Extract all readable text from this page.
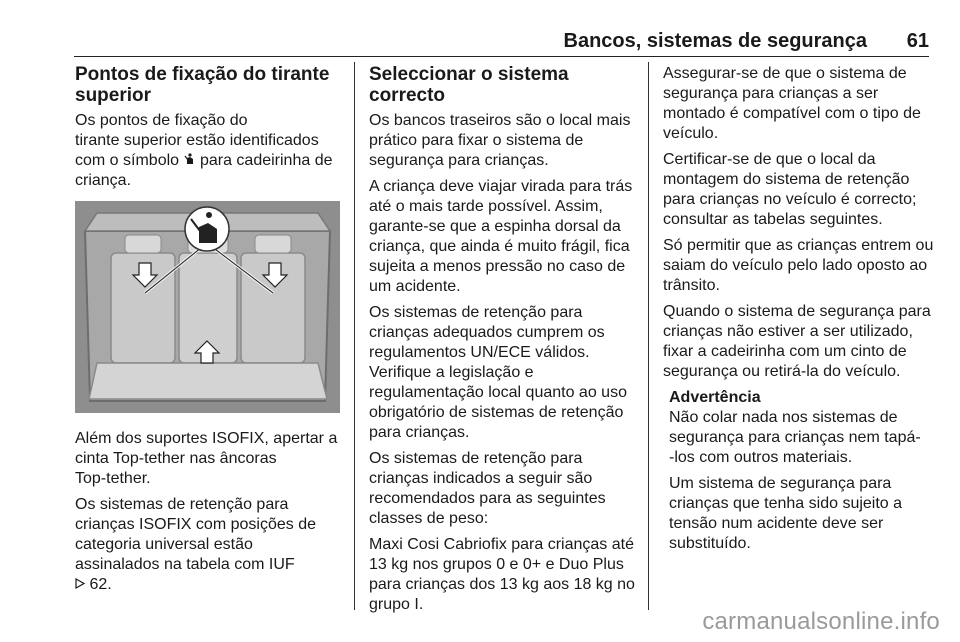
Bancos, sistemas de segurança 61
Pontos de fixação do tirante
superior

Os pontos de fixação do
tirante superior estão identificados
com o símbolo para cadeirinha de
criança.

Além dos suportes ISOFIX, apertar a
cinta Top-tether nas âncoras
Top-tether.

Os sistemas de retenção para
crianças ISOFIX com posições de
categoria universal estão
assinalados na tabela com IUF
62.

Seleccionar o sistema correcto

Os bancos traseiros são o local mais
prático para fixar o sistema de
segurança para crianças.

A criança deve viajar virada para trás
até o mais tarde possível. Assim,
garante-se que a espinha dorsal da
criança, que ainda é muito frágil, fica
sujeita a menos pressão no caso de
um acidente.

Os sistemas de retenção para
crianças adequados cumprem os
regulamentos UN/ECE válidos.
Verifique a legislação e
regulamentação local quanto ao uso
obrigatório de sistemas de retenção
para crianças.

Os sistemas de retenção para
crianças indicados a seguir são
recomendados para as seguintes
classes de peso:

Maxi Cosi Cabriofix para crianças até
13 kg nos grupos 0 e 0+ e Duo Plus
para crianças dos 13 kg aos 18 kg no
grupo I.

Assegurar-se de que o sistema de
segurança para crianças a ser
montado é compatível com o tipo de
veículo.

Certificar-se de que o local da
montagem do sistema de retenção
para crianças no veículo é correcto;
consultar as tabelas seguintes.

Só permitir que as crianças entrem ou
saiam do veículo pelo lado oposto ao
trânsito.

Quando o sistema de segurança para
crianças não estiver a ser utilizado,
fixar a cadeirinha com um cinto de
segurança ou retirá-la do veículo.

Advertência

Não colar nada nos sistemas de
segurança para crianças nem tapá-
-los com outros materiais.

Um sistema de segurança para
crianças que tenha sido sujeito a
tensão num acidente deve ser
substituído.

carmanualsonline.info
